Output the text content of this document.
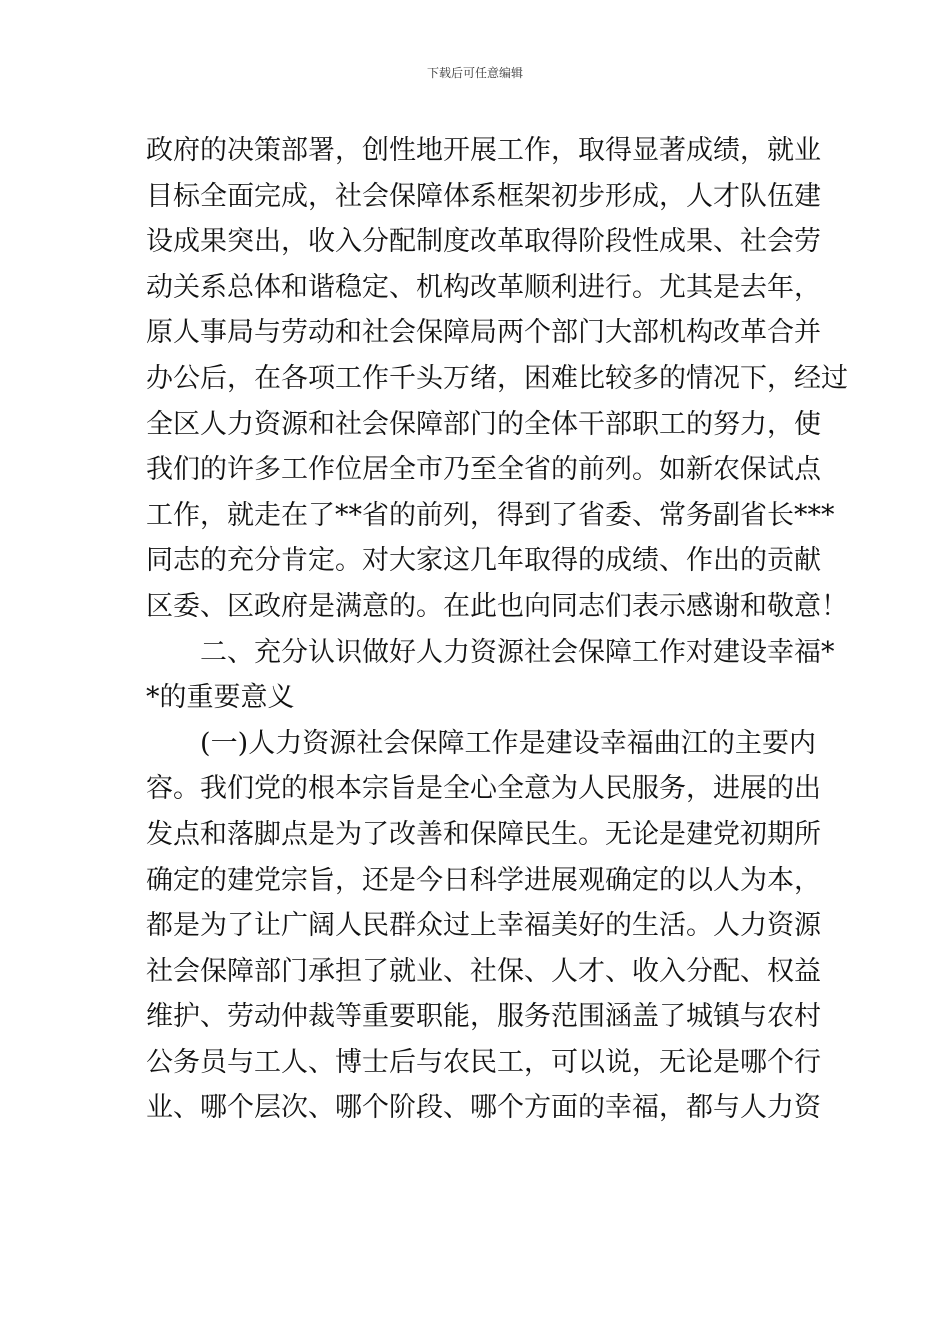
下载后可任意编辑
政府的决策部署，创性地开展工作，取得显著成绩，就业
目标全面完成，社会保障体系框架初步形成，人才队伍建
设成果突出，收入分配制度改革取得阶段性成果、社会劳
动关系总体和谐稳定、机构改革顺利进行。尤其是去年，
原人事局与劳动和社会保障局两个部门大部机构改革合并
办公后，在各项工作千头万绪，困难比较多的情况下，经过
全区人力资源和社会保障部门的全体干部职工的努力，使
我们的许多工作位居全市乃至全省的前列。如新农保试点
工作，就走在了**省的前列，得到了省委、常务副省长***
同志的充分肯定。对大家这几年取得的成绩、作出的贡献
区委、区政府是满意的。在此也向同志们表示感谢和敬意！
二、充分认识做好人力资源社会保障工作对建设幸福*
*的重要意义
(一)人力资源社会保障工作是建设幸福曲江的主要内
容。我们党的根本宗旨是全心全意为人民服务，进展的出
发点和落脚点是为了改善和保障民生。无论是建党初期所
确定的建党宗旨，还是今日科学进展观确定的以人为本，
都是为了让广阔人民群众过上幸福美好的生活。人力资源
社会保障部门承担了就业、社保、人才、收入分配、权益
维护、劳动仲裁等重要职能，服务范围涵盖了城镇与农村
公务员与工人、博士后与农民工，可以说，无论是哪个行
业、哪个层次、哪个阶段、哪个方面的幸福，都与人力资
